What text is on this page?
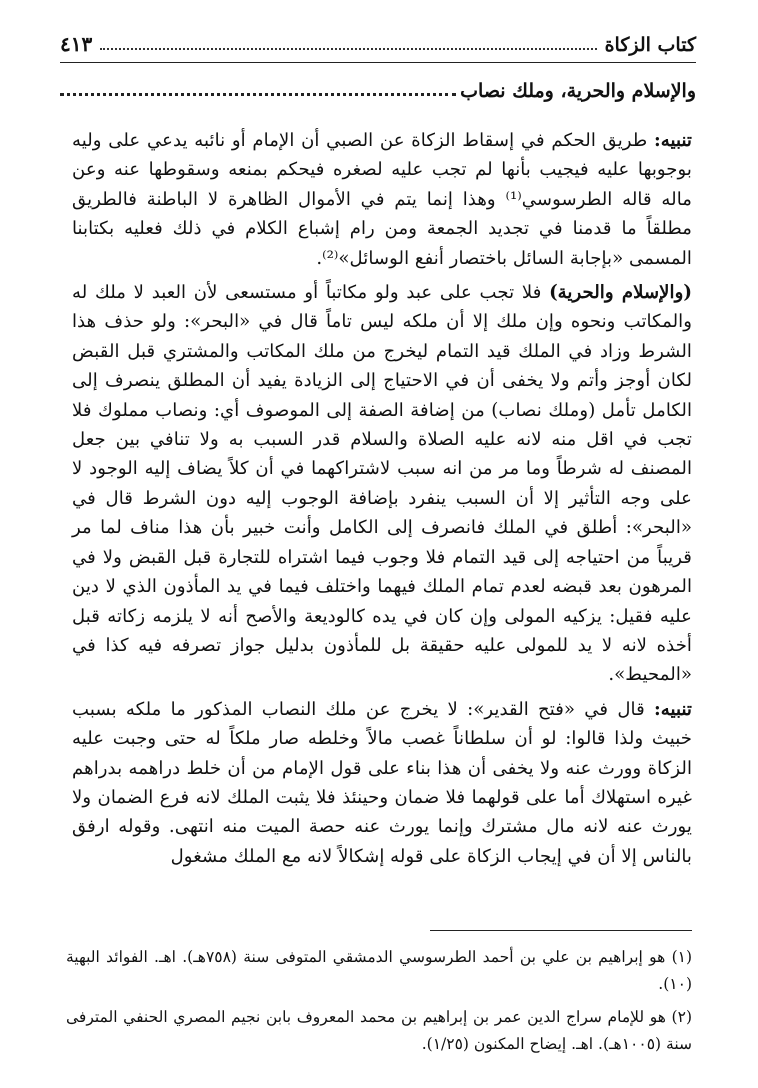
كتاب الزكاة
٤١٣
والإسلام والحرية، وملك نصاب

تنبيه: طريق الحكم في إسقاط الزكاة عن الصبي أن الإمام أو نائبه يدعي على وليه بوجوبها عليه فيجيب بأنها لم تجب عليه لصغره فيحكم بمنعه وسقوطها عنه وعن ماله قاله الطرسوسي⁽¹⁾ وهذا إنما يتم في الأموال الظاهرة لا الباطنة فالطريق مطلقاً ما قدمنا في تجديد الجمعة ومن رام إشباع الكلام في ذلك فعليه بكتابنا المسمى «بإجابة السائل باختصار أنفع الوسائل»⁽²⁾.

(والإسلام والحرية) فلا تجب على عبد ولو مكاتباً أو مستسعى لأن العبد لا ملك له والمكاتب ونحوه وإن ملك إلا أن ملكه ليس تاماً قال في «البحر»: ولو حذف هذا الشرط وزاد في الملك قيد التمام ليخرج من ملك المكاتب والمشتري قبل القبض لكان أوجز وأتم ولا يخفى أن في الاحتياج إلى الزيادة يفيد أن المطلق ينصرف إلى الكامل تأمل (وملك نصاب) من إضافة الصفة إلى الموصوف أي: ونصاب مملوك فلا تجب في اقل منه لانه عليه الصلاة والسلام قدر السبب به ولا تنافي بين جعل المصنف له شرطاً وما مر من انه سبب لاشتراكهما في أن كلاً يضاف إليه الوجود لا على وجه التأثير إلا أن السبب ينفرد بإضافة الوجوب إليه دون الشرط قال في «البحر»: أطلق في الملك فانصرف إلى الكامل وأنت خبير بأن هذا مناف لما مر قريباً من احتياجه إلى قيد التمام فلا وجوب فيما اشتراه للتجارة قبل القبض ولا في المرهون بعد قبضه لعدم تمام الملك فيهما واختلف فيما في يد المأذون الذي لا دين عليه فقيل: يزكيه المولى وإن كان في يده كالوديعة والأصح أنه لا يلزمه زكاته قبل أخذه لانه لا يد للمولى عليه حقيقة بل للمأذون بدليل جواز تصرفه فيه كذا في «المحيط».

تنبيه: قال في «فتح القدير»: لا يخرج عن ملك النصاب المذكور ما ملكه بسبب خبيث ولذا قالوا: لو أن سلطاناً غصب مالاً وخلطه صار ملكاً له حتى وجبت عليه الزكاة وورث عنه ولا يخفى أن هذا بناء على قول الإمام من أن خلط دراهمه بدراهم غيره استهلاك أما على قولهما فلا ضمان وحينئذ فلا يثبت الملك لانه فرع الضمان ولا يورث عنه لانه مال مشترك وإنما يورث عنه حصة الميت منه انتهى. وقوله ارفق بالناس إلا أن في إيجاب الزكاة على قوله إشكالاً لانه مع الملك مشغول

(١) هو إبراهيم بن علي بن أحمد الطرسوسي الدمشقي المتوفى سنة (٧٥٨هـ). اهـ. الفوائد البهية (١٠).

(٢) هو للإمام سراج الدين عمر بن إبراهيم بن محمد المعروف بابن نجيم المصري الحنفي المترفى سنة (١٠٠٥هـ). اهـ. إيضاح المكنون (١/٢٥).
